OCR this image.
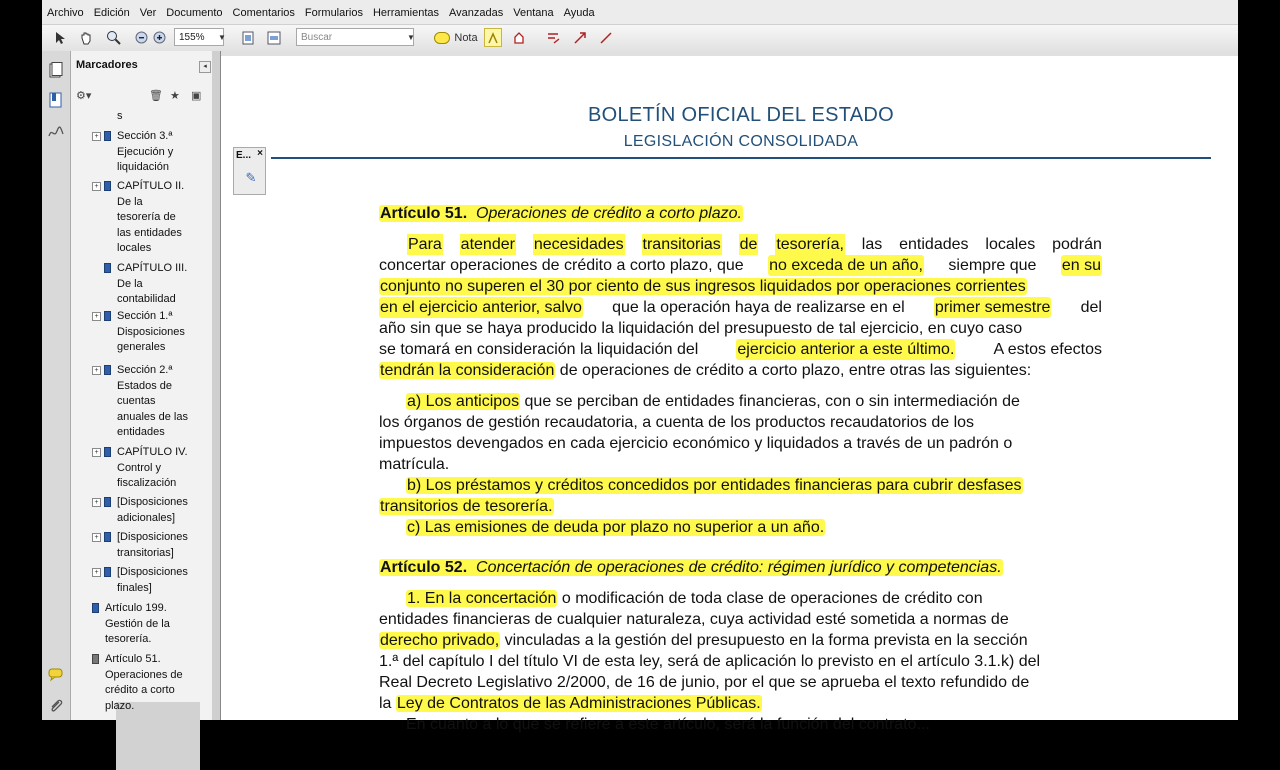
Archivo Edición Ver Documento Comentarios Formularios Herramientas Avanzadas Ventana Ayuda
155%	▼	Buscar	▼	Nota
Marcadores	◂
⚙▾	🗑 ★ ▣
s
+ Sección 3.ª
Ejecución y
liquidación
+ CAPÍTULO II.
De la
tesorería de
las entidades
locales
CAPÍTULO III.
De la
contabilidad
+ Sección 1.ª
Disposiciones
generales
+ Sección 2.ª
Estados de
cuentas
anuales de las
entidades
+ CAPÍTULO IV.
Control y
fiscalización
+ [Disposiciones
adicionales]
+ [Disposiciones
transitorias]
+ [Disposiciones
finales]
Artículo 199.
Gestión de la
tesorería.
Artículo 51.
Operaciones de
crédito a corto
plazo.
BOLETÍN OFICIAL DEL ESTADO
LEGISLACIÓN CONSOLIDADA
E... ×
✎
Artículo 51. Operaciones de crédito a corto plazo.
Para atender necesidades transitorias de tesorería, las entidades locales podrán
concertar operaciones de crédito a corto plazo, que no exceda de un año, siempre que en su
conjunto no superen el 30 por ciento de sus ingresos liquidados por operaciones corrientes
en el ejercicio anterior, salvo que la operación haya de realizarse en el primer semestre del
año sin que se haya producido la liquidación del presupuesto de tal ejercicio, en cuyo caso
se tomará en consideración la liquidación del ejercicio anterior a este último. A estos efectos
tendrán la consideración de operaciones de crédito a corto plazo, entre otras las siguientes:
a) Los anticipos que se perciban de entidades financieras, con o sin intermediación de
los órganos de gestión recaudatoria, a cuenta de los productos recaudatorios de los
impuestos devengados en cada ejercicio económico y liquidados a través de un padrón o
matrícula.
b) Los préstamos y créditos concedidos por entidades financieras para cubrir desfases
transitorios de tesorería.
c) Las emisiones de deuda por plazo no superior a un año.
Artículo 52. Concertación de operaciones de crédito: régimen jurídico y competencias.
1. En la concertación o modificación de toda clase de operaciones de crédito con
entidades financieras de cualquier naturaleza, cuya actividad esté sometida a normas de
derecho privado, vinculadas a la gestión del presupuesto en la forma prevista en la sección
1.ª del capítulo I del título VI de esta ley, será de aplicación lo previsto en el artículo 3.1.k) del
Real Decreto Legislativo 2/2000, de 16 de junio, por el que se aprueba el texto refundido de
la Ley de Contratos de las Administraciones Públicas.
En cuanto a lo que se refiere a este artículo, será la función del contrato...
